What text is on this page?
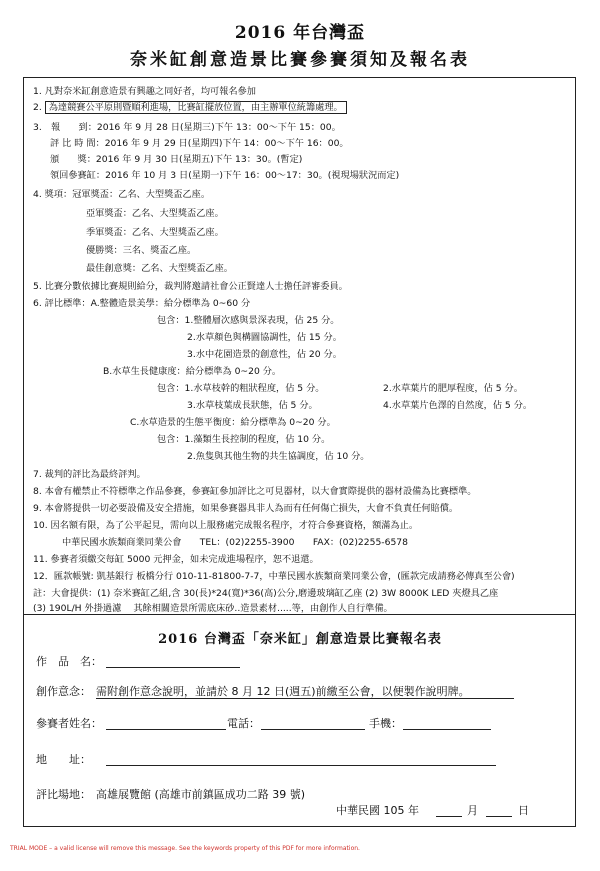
2016 年台灣盃
奈米缸創意造景比賽參賽須知及報名表
1. 凡對奈米缸創意造景有興趣之同好者，均可報名參加
2. 為達競賽公平原則暨順利進場，比賽缸擺放位置，由主辦單位統籌處理。
3.　報　　到：2016 年 9 月 28 日(星期三)下午 13：00～下午 15：00。
評 比 時 間：2016 年 9 月 29 日(星期四)下午 14：00～下午 16：00。
頒　　獎：2016 年 9 月 30 日(星期五)下午 13：30。(暫定)
領回參賽缸：2016 年 10 月 3 日(星期一)下午 16：00～17：30。(視現場狀況而定)
4. 獎項：冠軍獎盃：乙名、大型獎盃乙座。
亞軍獎盃：乙名、大型獎盃乙座。
季軍獎盃：乙名、大型獎盃乙座。
優勝獎：三名、獎盃乙座。
最佳創意獎：乙名、大型獎盃乙座。
5. 比賽分數依據比賽規則給分，裁判將邀請社會公正賢達人士擔任評審委員。
6. 評比標準：A.整體造景美學：給分標準為 0~60 分
包含：1.整體層次感與景深表現，佔 25 分。
2.水草顏色與構圖協調性，佔 15 分。
3.水中花園造景的創意性，佔 20 分。
B.水草生長健康度：給分標準為 0~20 分。
包含：1.水草枝幹的粗狀程度，佔 5 分。	2.水草葉片的肥厚程度，佔 5 分。
3.水草枝葉成長狀態，佔 5 分。	4.水草葉片色澤的自然度，佔 5 分。
C.水草造景的生態平衡度：給分標準為 0~20 分。
包含：1.藻類生長控制的程度，佔 10 分。
2.魚隻與其他生物的共生協調度，佔 10 分。
7. 裁判的評比為最終評判。
8. 本會有權禁止不符標準之作品參賽，參賽缸參加評比之可見器材，以大會實際提供的器材設備為比賽標準。
9. 本會將提供一切必要設備及安全措施，如果參賽器具非人為而有任何傷亡損失，大會不負責任何賠償。
10. 因名額有限，為了公平起見，需向以上服務處完成報名程序，才符合參賽資格，額滿為止。
中華民國水族類商業同業公會　　TEL：(02)2255-3900　　FAX：(02)2255-6578
11. 參賽者須繳交每缸 5000 元押金，如未完成進場程序，恕不退還。
12．匯款帳號: 凱基銀行 板橋分行 010-11-81800-7-7，中華民國水族類商業同業公會，(匯款完成請務必傳真至公會)
註：大會提供：(1) 奈米賽缸乙組,含 30(長)*24(寬)*36(高)公分,磨邊玻璃缸乙座 (2) 3W 8000K LED 夾燈具乙座
(3) 190L/H 外掛過濾　 其餘相關造景所需底床砂..造景素材.....等，由創作人自行準備。
2016 台灣盃「奈米缸」創意造景比賽報名表
作　品　名：
創作意念： 需附創作意念說明，並請於 8 月 12 日(週五)前繳至公會，以便製作說明牌。
參賽者姓名：	電話：	手機：
地　　址：
評比場地： 高雄展覽館 (高雄市前鎮區成功二路 39 號)
中華民國 105 年	月	日
TRIAL MODE – a valid license will remove this message. See the keywords property of this PDF for more information.
